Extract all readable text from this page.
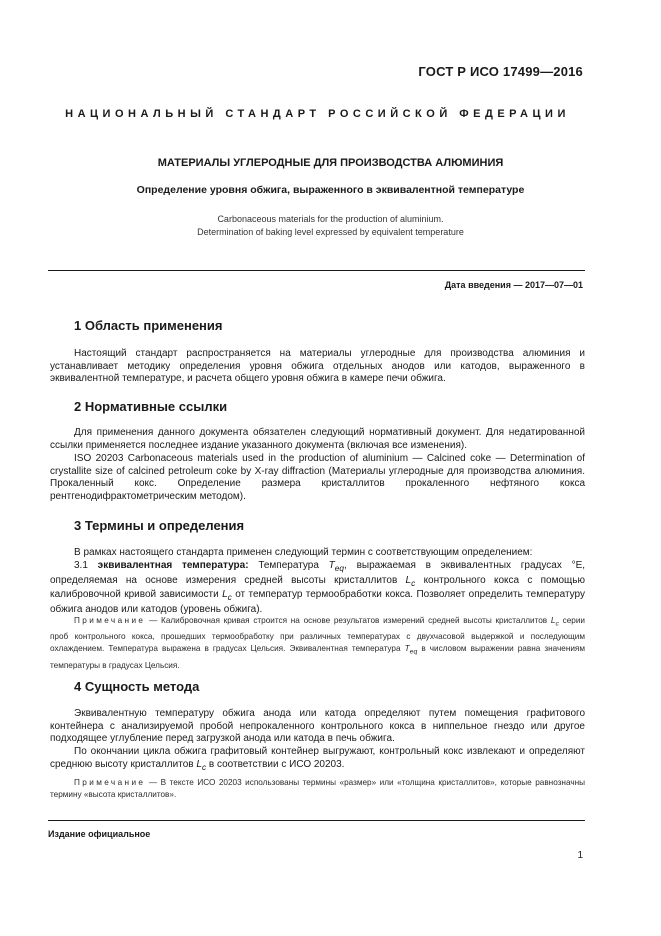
ГОСТ Р ИСО 17499—2016
НАЦИОНАЛЬНЫЙ СТАНДАРТ РОССИЙСКОЙ ФЕДЕРАЦИИ
МАТЕРИАЛЫ УГЛЕРОДНЫЕ ДЛЯ ПРОИЗВОДСТВА АЛЮМИНИЯ
Определение уровня обжига, выраженного в эквивалентной температуре
Carbonaceous materials for the production of aluminium.
Determination of baking level expressed by equivalent temperature
Дата введения — 2017—07—01
1 Область применения
Настоящий стандарт распространяется на материалы углеродные для производства алюминия и устанавливает методику определения уровня обжига отдельных анодов или катодов, выраженного в эквивалентной температуре, и расчета общего уровня обжига в камере печи обжига.
2 Нормативные ссылки
Для применения данного документа обязателен следующий нормативный документ. Для недатированной ссылки применяется последнее издание указанного документа (включая все изменения).
ISO 20203 Carbonaceous materials used in the production of aluminium — Calcined coke — Determination of crystallite size of calcined petroleum coke by X-ray diffraction (Материалы углеродные для производства алюминия. Прокаленный кокс. Определение размера кристаллитов прокаленного нефтяного кокса рентгенодифрактометрическим методом).
3 Термины и определения
В рамках настоящего стандарта применен следующий термин с соответствующим определением:
3.1 эквивалентная температура: Температура $T_{eq}$, выражаемая в эквивалентных градусах °E, определяемая на основе измерения средней высоты кристаллитов $L_c$ контрольного кокса с помощью калибровочной кривой зависимости $L_c$ от температур термообработки кокса. Позволяет определить температуру обжига анодов или катодов (уровень обжига).
Примечание — Калибровочная кривая строится на основе результатов измерений средней высоты кристаллитов $L_c$ серии проб контрольного кокса, прошедших термообработку при различных температурах с двухчасовой выдержкой и последующим охлаждением. Температура выражена в градусах Цельсия. Эквивалентная температура $T_{eq}$ в числовом выражении равна значениям температуры в градусах Цельсия.
4 Сущность метода
Эквивалентную температуру обжига анода или катода определяют путем помещения графитового контейнера с анализируемой пробой непрокаленного контрольного кокса в ниппельное гнездо или другое подходящее углубление перед загрузкой анода или катода в печь обжига.
По окончании цикла обжига графитовый контейнер выгружают, контрольный кокс извлекают и определяют среднюю высоту кристаллитов $L_c$ в соответствии с ИСО 20203.
Примечание — В тексте ИСО 20203 использованы термины «размер» или «толщина кристаллитов», которые равнозначны термину «высота кристаллитов».
Издание официальное
1
